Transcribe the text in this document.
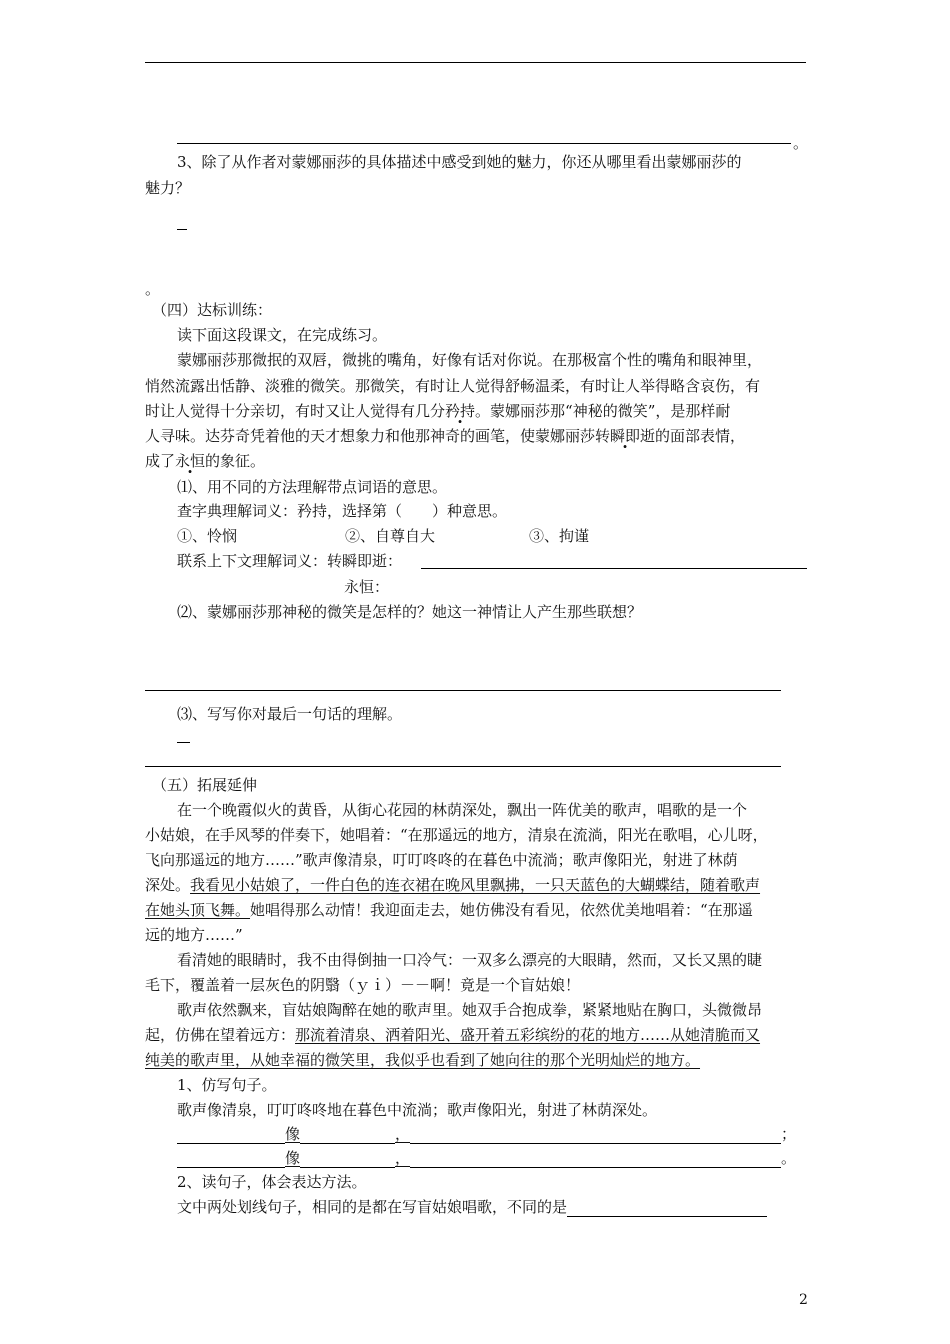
。
3、除了从作者对蒙娜丽莎的具体描述中感受到她的魅力，你还从哪里看出蒙娜丽莎的
魅力？
。
（四）达标训练：
读下面这段课文，在完成练习。
蒙娜丽莎那微抿的双唇，微挑的嘴角，好像有话对你说。在那极富个性的嘴角和眼神里，
悄然流露出恬静、淡雅的微笑。那微笑，有时让人觉得舒畅温柔，有时让人举得略含哀伤，有
时让人觉得十分亲切，有时又让人觉得有几分矜持。蒙娜丽莎那“神秘的微笑”，是那样耐
人寻味。达芬奇凭着他的天才想象力和他那神奇的画笔，使蒙娜丽莎转瞬即逝的面部表情，
成了永恒的象征。
⑴、用不同的方法理解带点词语的意思。
查字典理解词义：矜持，选择第（　　）种意思。
①、怜悯	②、自尊自大	③、拘谨
联系上下文理解词义：转瞬即逝：
永恒：
⑵、蒙娜丽莎那神秘的微笑是怎样的？她这一神情让人产生那些联想？
⑶、写写你对最后一句话的理解。
（五）拓展延伸
在一个晚霞似火的黄昏，从街心花园的林荫深处，飘出一阵优美的歌声，唱歌的是一个
小姑娘，在手风琴的伴奏下，她唱着：“在那遥远的地方，清泉在流淌，阳光在歌唱，心儿呀，
飞向那遥远的地方……”歌声像清泉，叮叮咚咚的在暮色中流淌；歌声像阳光，射进了林荫
深处。我看见小姑娘了，一件白色的连衣裙在晚风里飘拂，一只天蓝色的大蝴蝶结，随着歌声
在她头顶飞舞。她唱得那么动情！我迎面走去，她仿佛没有看见，依然优美地唱着：“在那遥
远的地方……”
看清她的眼睛时，我不由得倒抽一口冷气：一双多么漂亮的大眼睛，然而，又长又黑的睫
毛下，覆盖着一层灰色的阴翳（ｙｉ）－－啊！竟是一个盲姑娘！
歌声依然飘来，盲姑娘陶醉在她的歌声里。她双手合抱成拳，紧紧地贴在胸口，头微微昂
起，仿佛在望着远方：那流着清泉、洒着阳光、盛开着五彩缤纷的花的地方……从她清脆而又
纯美的歌声里，从她幸福的微笑里，我似乎也看到了她向往的那个光明灿烂的地方。
1、仿写句子。
歌声像清泉，叮叮咚咚地在暮色中流淌；歌声像阳光，射进了林荫深处。
像	，	；
像	，	。
2、读句子，体会表达方法。
文中两处划线句子，相同的是都在写盲姑娘唱歌，不同的是
2
